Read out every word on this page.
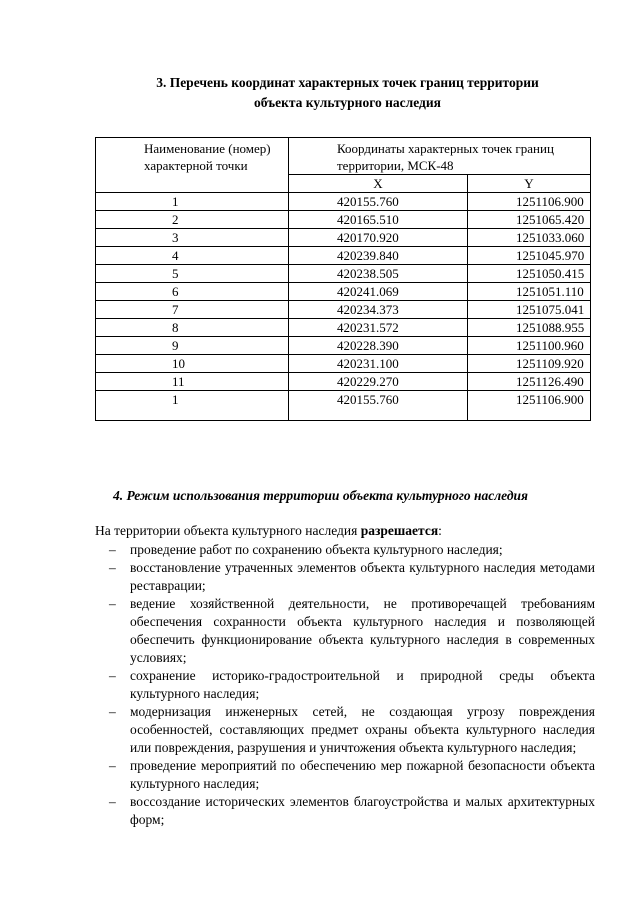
3. Перечень координат характерных точек границ территории
объекта культурного наследия
Наименование (номер) характерной точки	Координаты характерных точек границ территории, МСК-48	
	X	Y
1	420155.760	1251106.900
2	420165.510	1251065.420
3	420170.920	1251033.060
4	420239.840	1251045.970
5	420238.505	1251050.415
6	420241.069	1251051.110
7	420234.373	1251075.041
8	420231.572	1251088.955
9	420228.390	1251100.960
10	420231.100	1251109.920
11	420229.270	1251126.490
1	420155.760	1251106.900
4. Режим использования территории объекта культурного наследия
На территории объекта культурного наследия разрешается:
– проведение работ по сохранению объекта культурного наследия;
– восстановление утраченных элементов объекта культурного наследия методами реставрации;
– ведение хозяйственной деятельности, не противоречащей требованиям обеспечения сохранности объекта культурного наследия и позволяющей обеспечить функционирование объекта культурного наследия в современных условиях;
– сохранение историко-градостроительной и природной среды объекта культурного наследия;
– модернизация инженерных сетей, не создающая угрозу повреждения особенностей, составляющих предмет охраны объекта культурного наследия или повреждения, разрушения и уничтожения объекта культурного наследия;
– проведение мероприятий по обеспечению мер пожарной безопасности объекта культурного наследия;
– воссоздание исторических элементов благоустройства и малых архитектурных форм;
